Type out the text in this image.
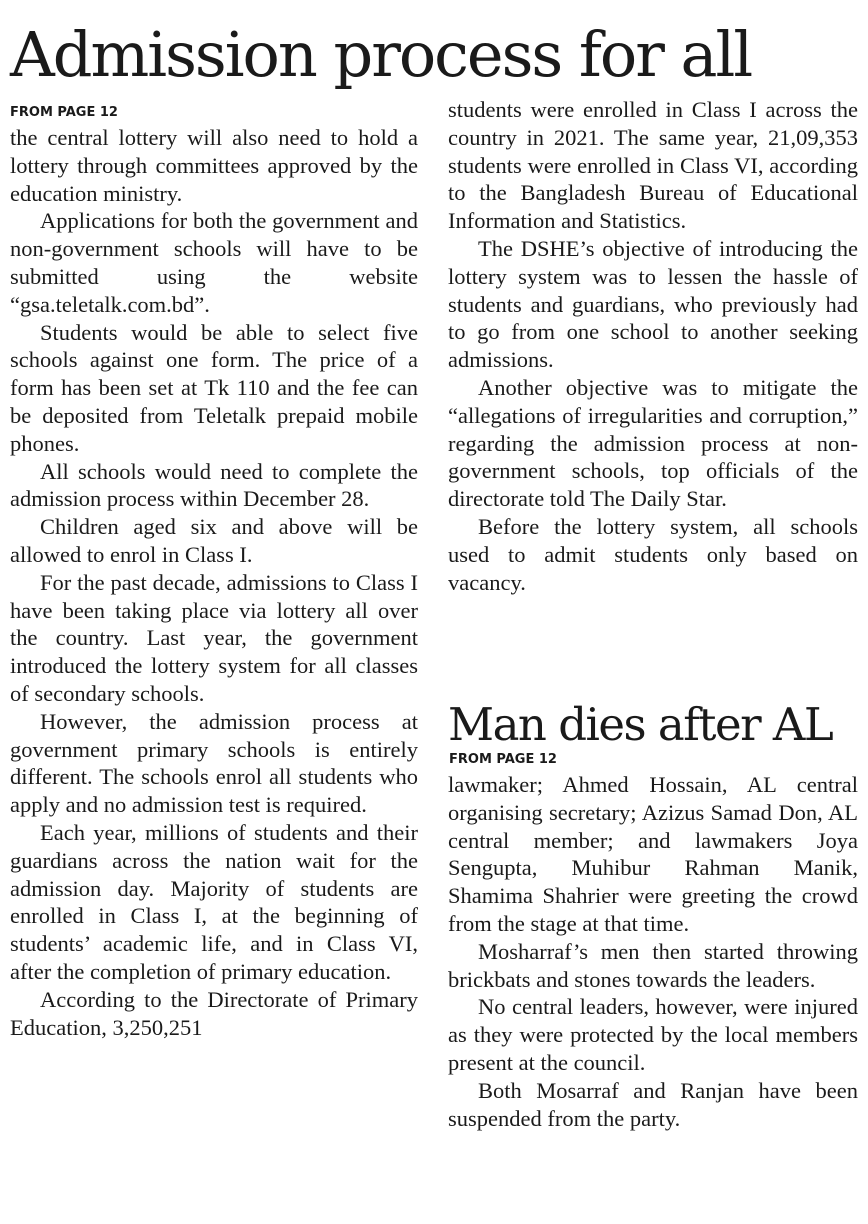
Admission process for all
FROM PAGE 12

the central lottery will also need to hold a lottery through committees approved by the education ministry.

Applications for both the government and non-government schools will have to be submitted using the website “gsa.teletalk.com.bd”.

Students would be able to select five schools against one form. The price of a form has been set at Tk 110 and the fee can be deposited from Teletalk prepaid mobile phones.

All schools would need to complete the admission process within December 28.

Children aged six and above will be allowed to enrol in Class I.

For the past decade, admissions to Class I have been taking place via lottery all over the country. Last year, the government introduced the lottery system for all classes of secondary schools.

However, the admission process at government primary schools is entirely different. The schools enrol all students who apply and no admission test is required.

Each year, millions of students and their guardians across the nation wait for the admission day. Majority of students are enrolled in Class I, at the beginning of students’ academic life, and in Class VI, after the completion of primary education.

According to the Directorate of Primary Education, 3,250,251

students were enrolled in Class I across the country in 2021. The same year, 21,09,353 students were enrolled in Class VI, according to the Bangladesh Bureau of Educational Information and Statistics.

The DSHE’s objective of introducing the lottery system was to lessen the hassle of students and guardians, who previously had to go from one school to another seeking admissions.

Another objective was to mitigate the “allegations of irregularities and corruption,” regarding the admission process at non-government schools, top officials of the directorate told The Daily Star.

Before the lottery system, all schools used to admit students only based on vacancy.

Man dies after AL
FROM PAGE 12

lawmaker; Ahmed Hossain, AL central organising secretary; Azizus Samad Don, AL central member; and lawmakers Joya Sengupta, Muhibur Rahman Manik, Shamima Shahrier were greeting the crowd from the stage at that time.

Mosharraf’s men then started throwing brickbats and stones towards the leaders.

No central leaders, however, were injured as they were protected by the local members present at the council.

Both Mosarraf and Ranjan have been suspended from the party.
